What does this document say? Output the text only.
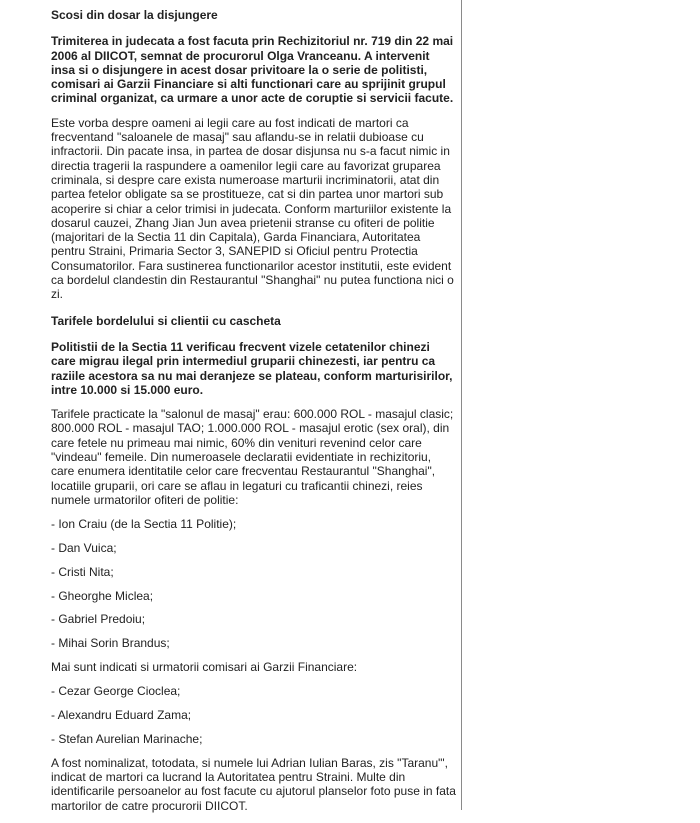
Scosi din dosar la disjungere

Trimiterea in judecata a fost facuta prin Rechizitoriul nr. 719 din 22 mai 2006 al DIICOT, semnat de procurorul Olga Vranceanu. A intervenit insa si o disjungere in acest dosar privitoare la o serie de politisti, comisari ai Garzii Financiare si alti functionari care au sprijinit grupul criminal organizat, ca urmare a unor acte de coruptie si servicii facute.

Este vorba despre oameni ai legii care au fost indicati de martori ca frecventand "saloanele de masaj" sau aflandu-se in relatii dubioase cu infractorii. Din pacate insa, in partea de dosar disjunsa nu s-a facut nimic in directia tragerii la raspundere a oamenilor legii care au favorizat gruparea criminala, si despre care exista numeroase marturii incriminatorii, atat din partea fetelor obligate sa se prostitueze, cat si din partea unor martori sub acoperire si chiar a celor trimisi in judecata. Conform marturiilor existente la dosarul cauzei, Zhang Jian Jun avea prietenii stranse cu ofiteri de politie (majoritari de la Sectia 11 din Capitala), Garda Financiara, Autoritatea pentru Straini, Primaria Sector 3, SANEPID si Oficiul pentru Protectia Consumatorilor. Fara sustinerea functionarilor acestor institutii, este evident ca bordelul clandestin din Restaurantul "Shanghai" nu putea functiona nici o zi.

Tarifele bordelului si clientii cu cascheta

Politistii de la Sectia 11 verificau frecvent vizele cetatenilor chinezi care migrau ilegal prin intermediul gruparii chinezesti, iar pentru ca raziile acestora sa nu mai deranjeze se plateau, conform marturisirilor, intre 10.000 si 15.000 euro.

Tarifele practicate la "salonul de masaj" erau: 600.000 ROL - masajul clasic; 800.000 ROL - masajul TAO; 1.000.000 ROL - masajul erotic (sex oral), din care fetele nu primeau mai nimic, 60% din venituri revenind celor care "vindeau" femeile. Din numeroasele declaratii evidentiate in rechizitoriu, care enumera identitatile celor care frecventau Restaurantul "Shanghai", locatiile gruparii, ori care se aflau in legaturi cu traficantii chinezi, reies numele urmatorilor ofiteri de politie:

- Ion Craiu (de la Sectia 11 Politie);

- Dan Vuica;

- Cristi Nita;

- Gheorghe Miclea;

- Gabriel Predoiu;

- Mihai Sorin Brandus;

Mai sunt indicati si urmatorii comisari ai Garzii Financiare:

- Cezar George Cioclea;

- Alexandru Eduard Zama;

- Stefan Aurelian Marinache;

A fost nominalizat, totodata, si numele lui Adrian Iulian Baras, zis "Taranu"', indicat de martori ca lucrand la Autoritatea pentru Straini. Multe din identificarile persoanelor au fost facute cu ajutorul planselor foto puse in fata martorilor de catre procurorii DIICOT.
